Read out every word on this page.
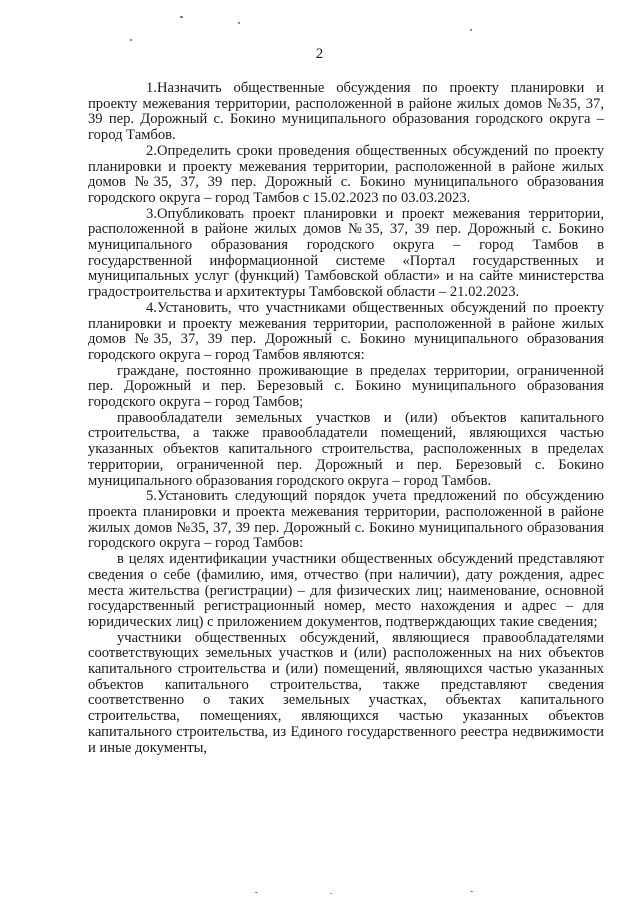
2

1.Назначить общественные обсуждения по проекту планировки и проекту межевания территории, расположенной в районе жилых домов №35, 37, 39 пер. Дорожный с. Бокино муниципального образования городского округа – город Тамбов.

2.Определить сроки проведения общественных обсуждений по проекту планировки и проекту межевания территории, расположенной в районе жилых домов №35, 37, 39 пер. Дорожный с. Бокино муниципального образования городского округа – город Тамбов с 15.02.2023 по 03.03.2023.

3.Опубликовать проект планировки и проект межевания территории, расположенной в районе жилых домов №35, 37, 39 пер. Дорожный с. Бокино муниципального образования городского округа – город Тамбов в государственной информационной системе «Портал государственных и муниципальных услуг (функций) Тамбовской области» и на сайте министерства градостроительства и архитектуры Тамбовской области – 21.02.2023.

4.Установить, что участниками общественных обсуждений по проекту планировки и проекту межевания территории, расположенной в районе жилых домов №35, 37, 39 пер. Дорожный с. Бокино муниципального образования городского округа – город Тамбов являются:

граждане, постоянно проживающие в пределах территории, ограниченной пер. Дорожный и пер. Березовый с. Бокино муниципального образования городского округа – город Тамбов;

правообладатели земельных участков и (или) объектов капитального строительства, а также правообладатели помещений, являющихся частью указанных объектов капитального строительства, расположенных в пределах территории, ограниченной пер. Дорожный и пер. Березовый с. Бокино муниципального образования городского округа – город Тамбов.

5.Установить следующий порядок учета предложений по обсуждению проекта планировки и проекта межевания территории, расположенной в районе жилых домов №35, 37, 39 пер. Дорожный с. Бокино муниципального образования городского округа – город Тамбов:

в целях идентификации участники общественных обсуждений представляют сведения о себе (фамилию, имя, отчество (при наличии), дату рождения, адрес места жительства (регистрации) – для физических лиц; наименование, основной государственный регистрационный номер, место нахождения и адрес – для юридических лиц) с приложением документов, подтверждающих такие сведения;

участники общественных обсуждений, являющиеся правообладателями соответствующих земельных участков и (или) расположенных на них объектов капитального строительства и (или) помещений, являющихся частью указанных объектов капитального строительства, также представляют сведения соответственно о таких земельных участках, объектах капитального строительства, помещениях, являющихся частью указанных объектов капитального строительства, из Единого государственного реестра недвижимости и иные документы,
